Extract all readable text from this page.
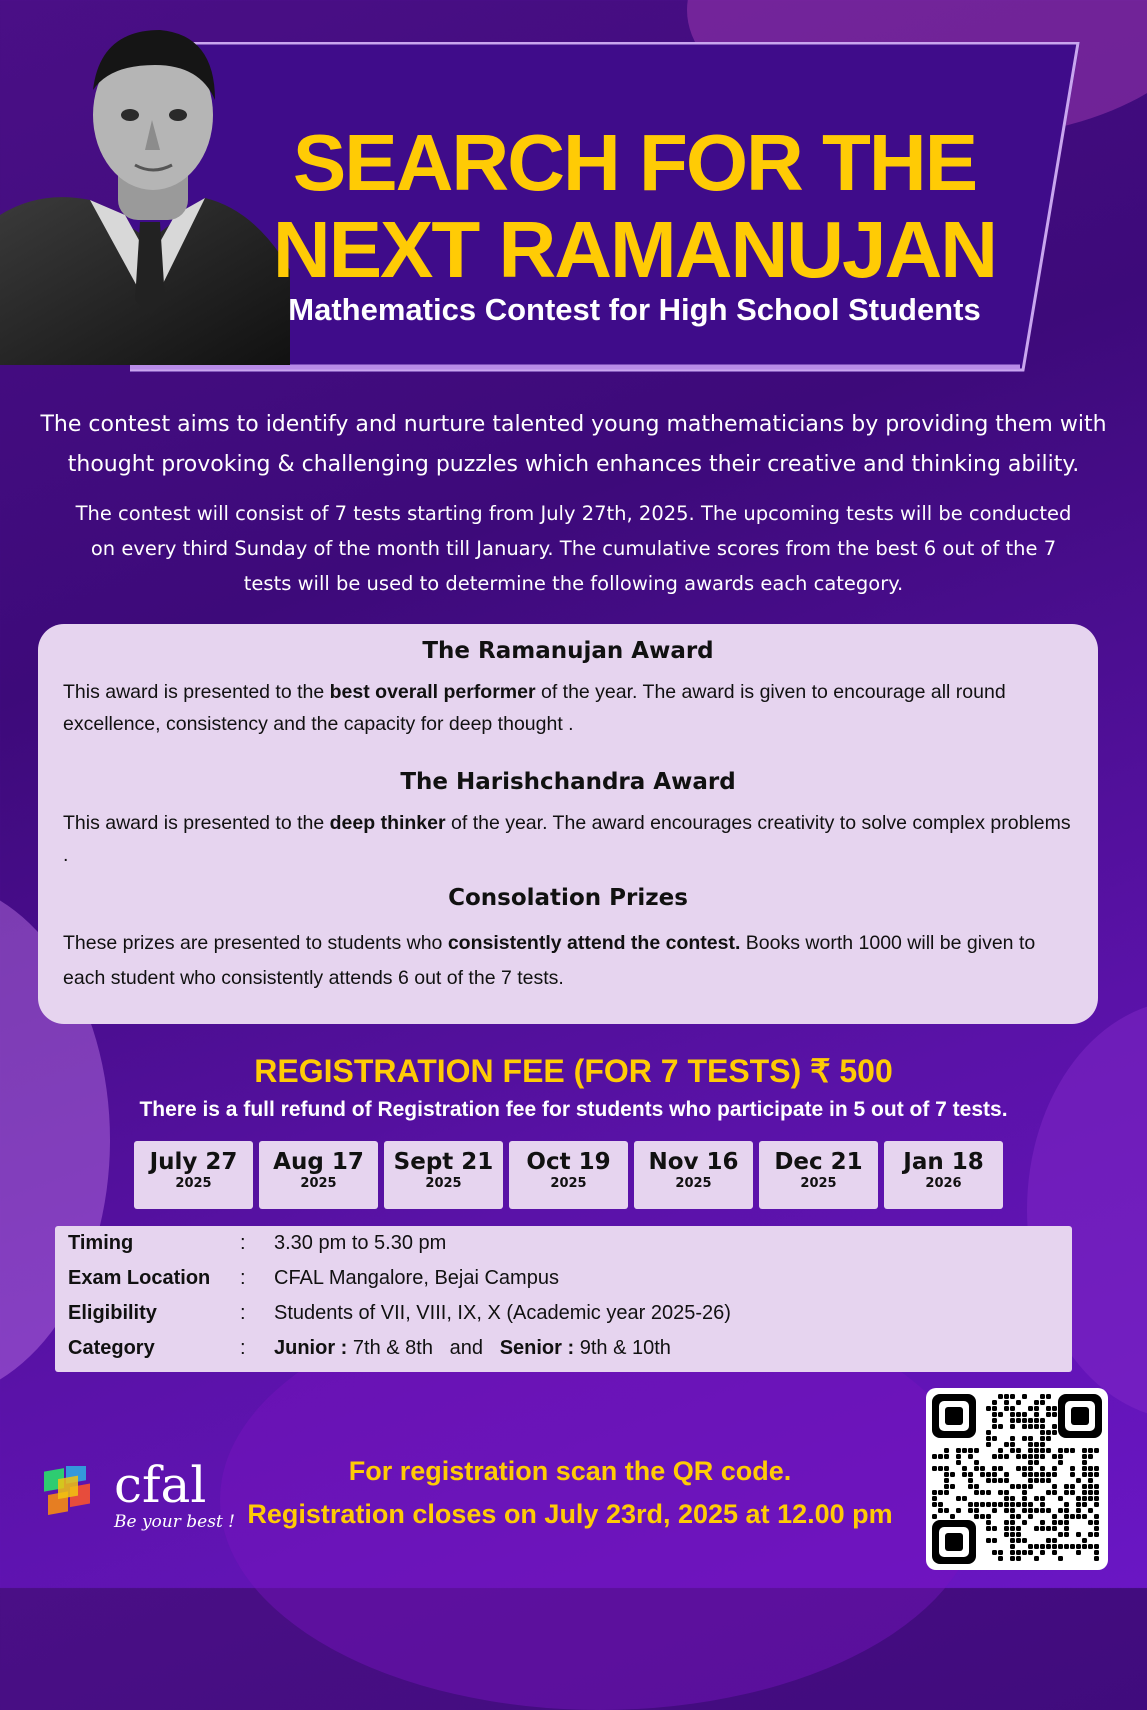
SEARCH FOR THE
NEXT RAMANUJAN

Mathematics Contest for High School Students

The contest aims to identify and nurture talented young mathematicians by providing them with thought provoking & challenging puzzles which enhances their creative and thinking ability.

The contest will consist of 7 tests starting from July 27th, 2025. The upcoming tests will be conducted on every third Sunday of the month till January. The cumulative scores from the best 6 out of the 7 tests will be used to determine the following awards each category.

The Ramanujan Award

This award is presented to the best overall performer of the year. The award is given to encourage all round excellence, consistency and the capacity for deep thought .

The Harishchandra Award

This award is presented to the deep thinker of the year. The award encourages creativity to solve complex problems .

Consolation Prizes

These prizes are presented to students who consistently attend the contest. Books worth 1000 will be given to each student who consistently attends 6 out of the 7 tests.

REGISTRATION FEE (FOR 7 TESTS) ₹ 500

There is a full refund of Registration fee for students who participate in 5 out of 7 tests.

July 27
2025
Aug 17
2025
Sept 21
2025
Oct 19
2025
Nov 16
2025
Dec 21
2025
Jan 18
2026
Timing	: 3.30 pm to 5.30 pm
Exam Location : CFAL Mangalore, Bejai Campus
Eligibility	: Students of VII, VIII, IX, X (Academic year 2025-26)
Category	: Junior : 7th & 8th and Senior : 9th & 10th
cfal
Be your best !

For registration scan the QR code.

Registration closes on July 23rd, 2025 at 12.00 pm
